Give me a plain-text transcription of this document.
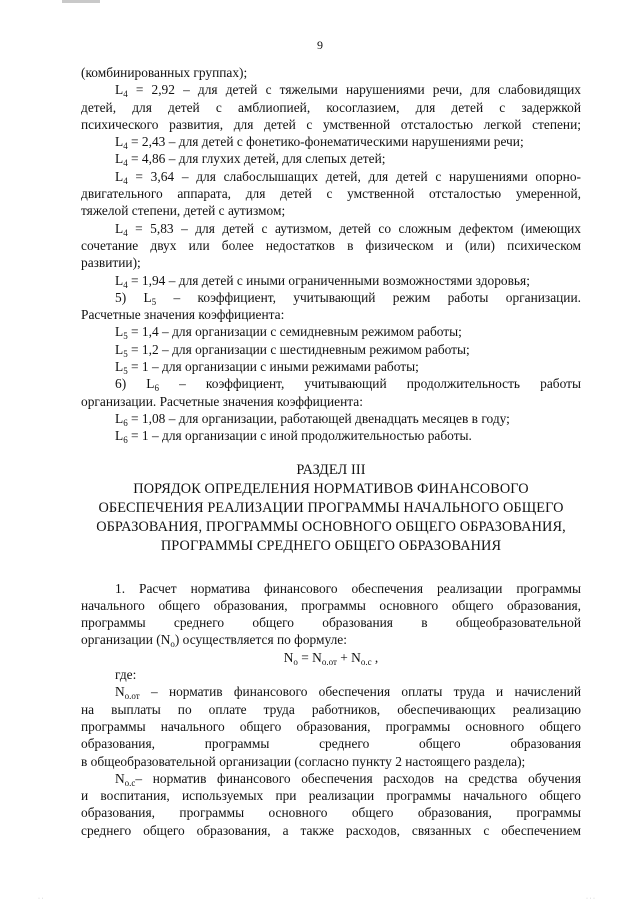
9

(комбинированных группах);

$L_4 = 2,92$ – для детей с тяжелыми нарушениями речи, для слабовидящих

детей, для детей с амблиопией, косоглазием, для детей с задержкой

психического развития, для детей с умственной отсталостью легкой степени;

$L_4 = 2,43$ – для детей с фонетико-фонематическими нарушениями речи;

$L_4 = 4,86$ – для глухих детей, для слепых детей;

$L_4 = 3,64$ – для слабослышащих детей, для детей с нарушениями опорно-

двигательного аппарата, для детей с умственной отсталостью умеренной,

тяжелой степени, детей с аутизмом;

$L_4 = 5,83$ – для детей с аутизмом, детей со сложным дефектом (имеющих

сочетание двух или более недостатков в физическом и (или) психическом

развитии);

$L_4 = 1,94$ – для детей с иными ограниченными возможностями здоровья;

5) $L_5$ – коэффициент, учитывающий режим работы организации.

Расчетные значения коэффициента:

$L_5 = 1,4$ – для организации с семидневным режимом работы;

$L_5 = 1,2$ – для организации с шестидневным режимом работы;

$L_5 = 1$ – для организации с иными режимами работы;

6) $L_6$ – коэффициент, учитывающий продолжительность работы

организации. Расчетные значения коэффициента:

$L_6 = 1,08$ – для организации, работающей двенадцать месяцев в году;

$L_6 = 1$ – для организации с иной продолжительностью работы.

РАЗДЕЛ III

ПОРЯДОК ОПРЕДЕЛЕНИЯ НОРМАТИВОВ ФИНАНСОВОГО

ОБЕСПЕЧЕНИЯ РЕАЛИЗАЦИИ ПРОГРАММЫ НАЧАЛЬНОГО ОБЩЕГО

ОБРАЗОВАНИЯ, ПРОГРАММЫ ОСНОВНОГО ОБЩЕГО ОБРАЗОВАНИЯ,

ПРОГРАММЫ СРЕДНЕГО ОБЩЕГО ОБРАЗОВАНИЯ

1. Расчет норматива финансового обеспечения реализации программы

начального общего образования, программы основного общего образования,

программы среднего общего образования в общеобразовательной

организации $(N_о)$ осуществляется по формуле:

$N_о = N_{о.от} + N_{о.с}$ ,

где:

$N_{о.от}$ – норматив финансового обеспечения оплаты труда и начислений

на выплаты по оплате труда работников, обеспечивающих реализацию

программы начального общего образования, программы основного общего

образования, программы среднего общего образования

в общеобразовательной организации (согласно пункту 2 настоящего раздела);

$N_{о.с}-$ норматив финансового обеспечения расходов на средства обучения

и воспитания, используемых при реализации программы начального общего

образования, программы основного общего образования, программы

среднего общего образования, а также расходов, связанных с обеспечением

· ·	· · ·
